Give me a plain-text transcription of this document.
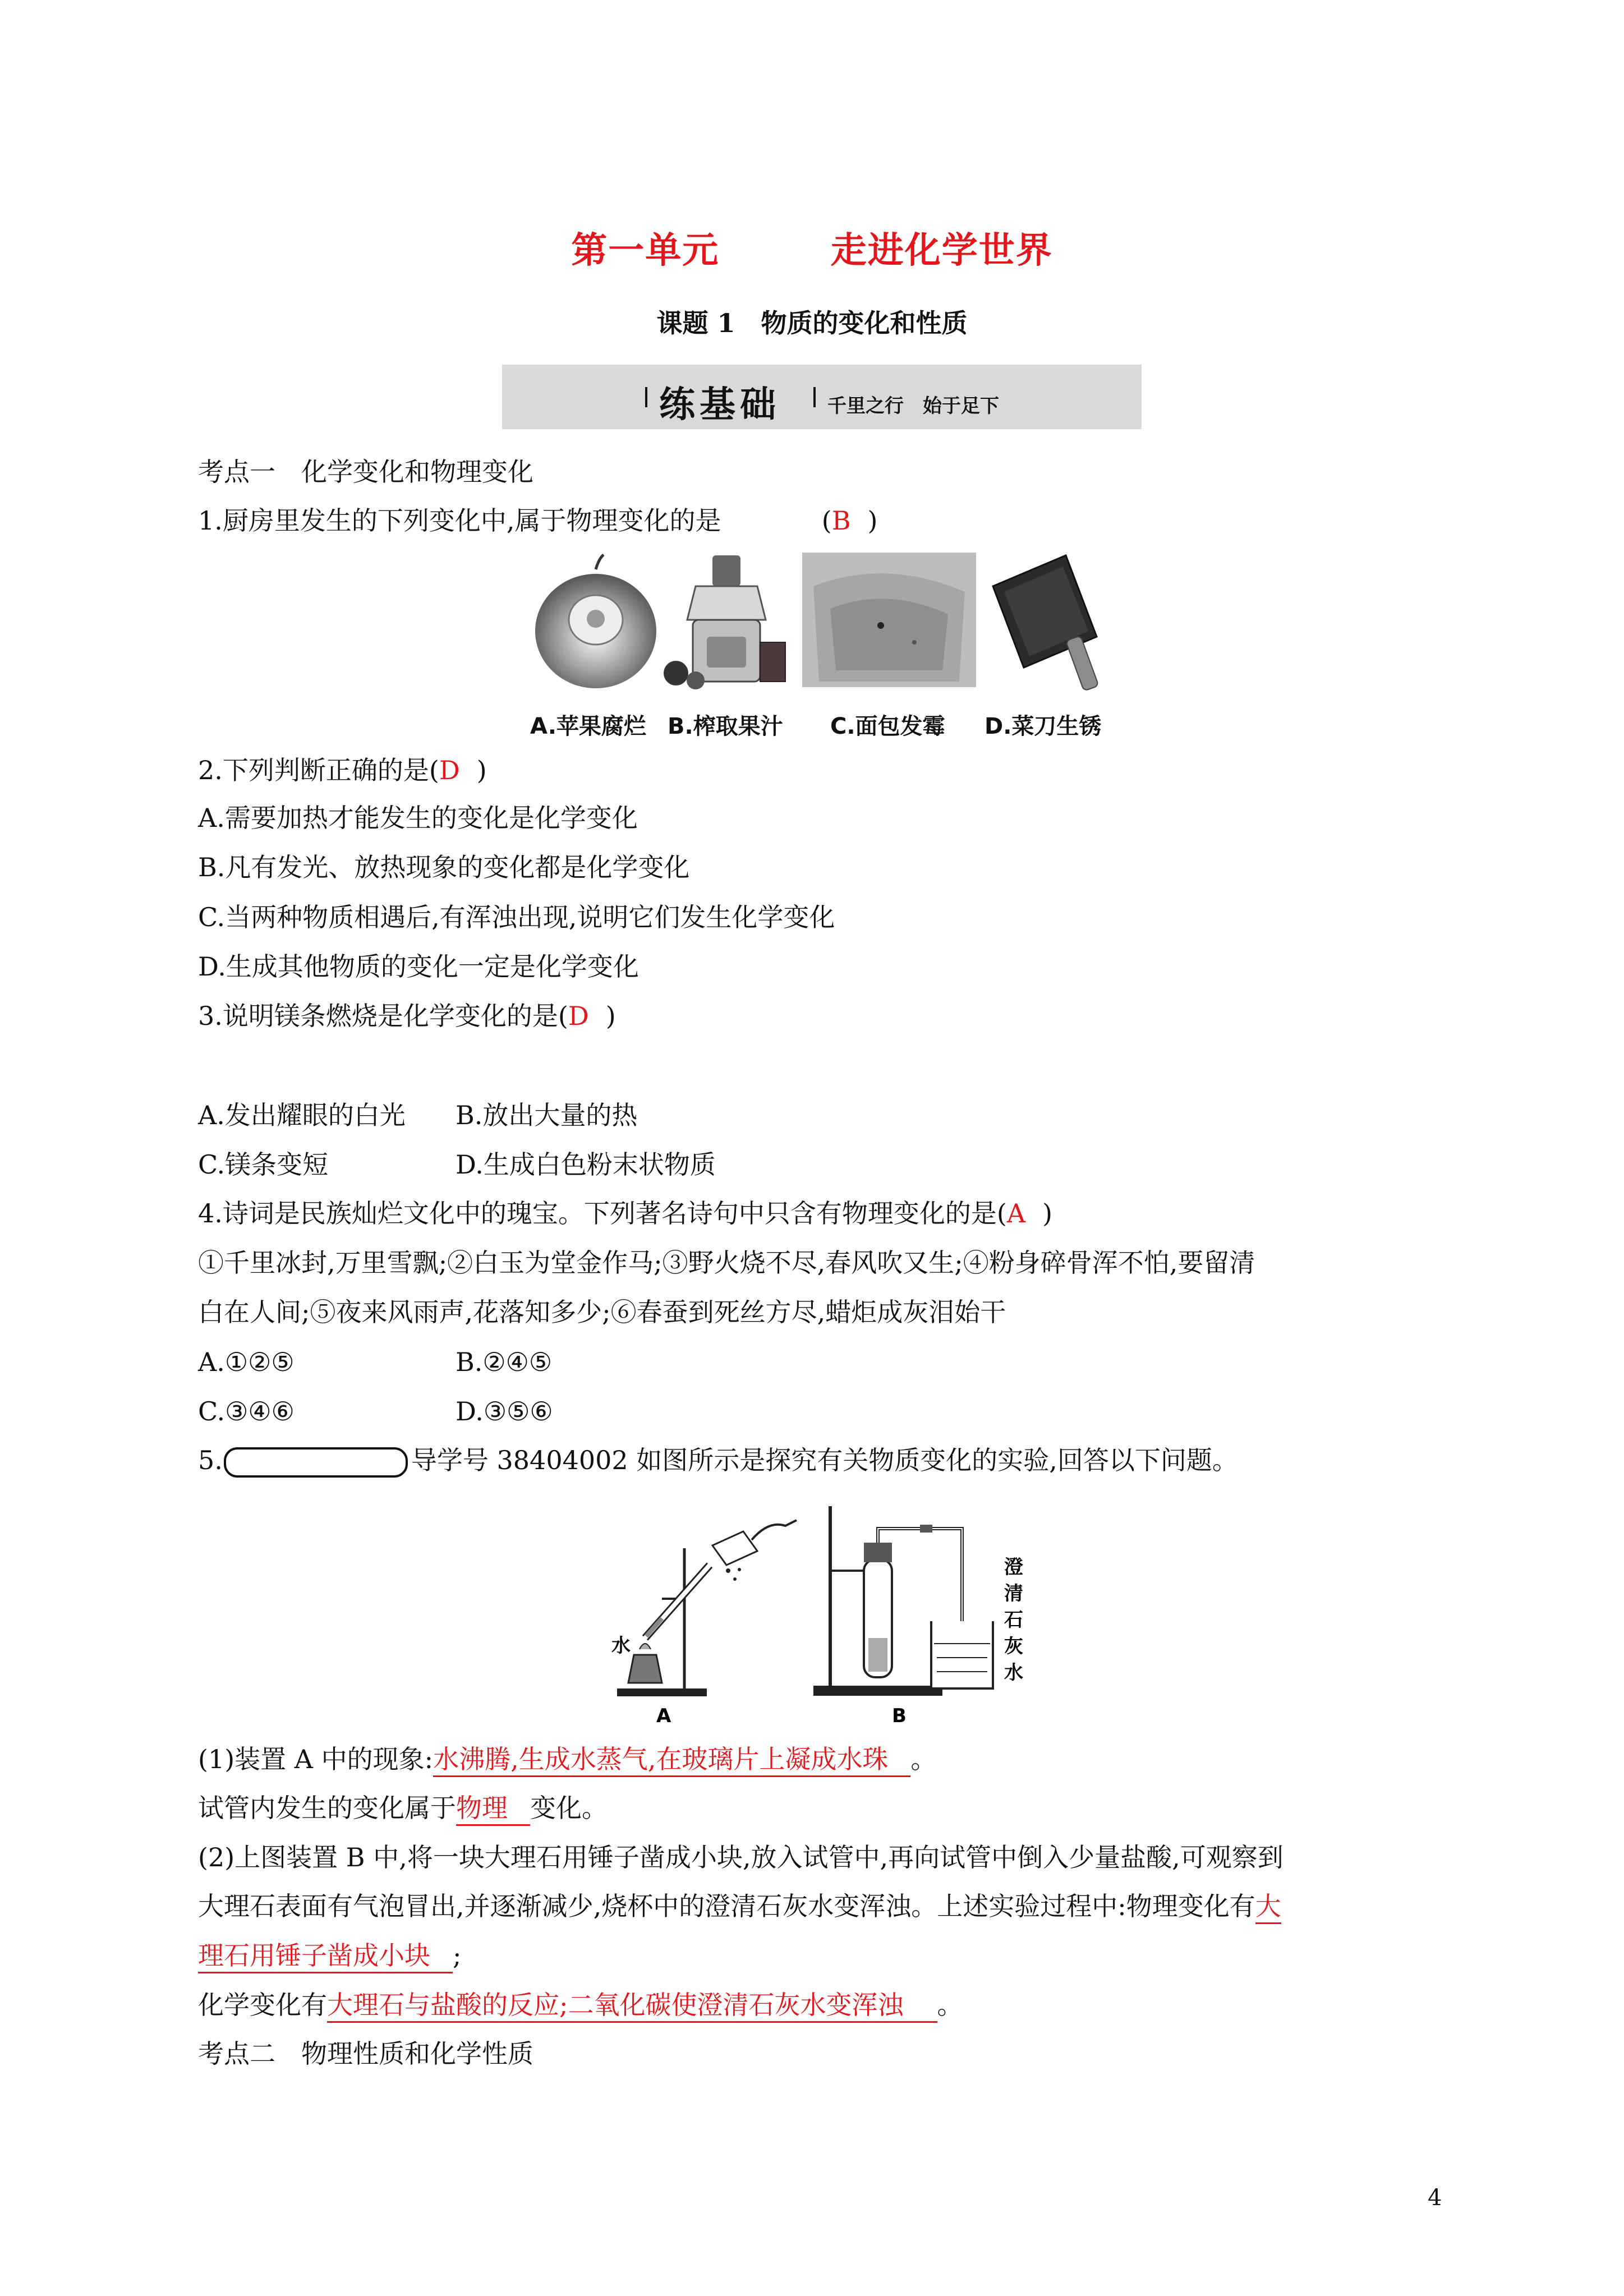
第一单元	走进化学世界
课题 1　物质的变化和性质
练基础 千里之行　始于足下
考点一　化学变化和物理变化
1.厨房里发生的下列变化中,属于物理变化的是	(B )
A.苹果腐烂 B.榨取果汁 C.面包发霉 D.菜刀生锈
2.下列判断正确的是(D )
A.需要加热才能发生的变化是化学变化
B.凡有发光、放热现象的变化都是化学变化
C.当两种物质相遇后,有浑浊出现,说明它们发生化学变化
D.生成其他物质的变化一定是化学变化
3.说明镁条燃烧是化学变化的是(D )
A.发出耀眼的白光 B.放出大量的热
C.镁条变短	D.生成白色粉末状物质
4.诗词是民族灿烂文化中的瑰宝。下列著名诗句中只含有物理变化的是(A )
①千里冰封,万里雪飘;②白玉为堂金作马;③野火烧不尽,春风吹又生;④粉身碎骨浑不怕,要留清
白在人间;⑤夜来风雨声,花落知多少;⑥春蚕到死丝方尽,蜡炬成灰泪始干
A.①②⑤	B.②④⑤
C.③④⑥	D.③⑤⑥
5.	导学号 38404002 如图所示是探究有关物质变化的实验,回答以下问题。
水
A	B
澄
清
石
灰
水
(1)装置 A 中的现象:水沸腾,生成水蒸气,在玻璃片上凝成水珠 。
试管内发生的变化属于物理 变化。
(2)上图装置 B 中,将一块大理石用锤子凿成小块,放入试管中,再向试管中倒入少量盐酸,可观察到
大理石表面有气泡冒出,并逐渐减少,烧杯中的澄清石灰水变浑浊。上述实验过程中:物理变化有大
理石用锤子凿成小块 ;
化学变化有大理石与盐酸的反应;二氧化碳使澄清石灰水变浑浊 。
考点二　物理性质和化学性质
4
